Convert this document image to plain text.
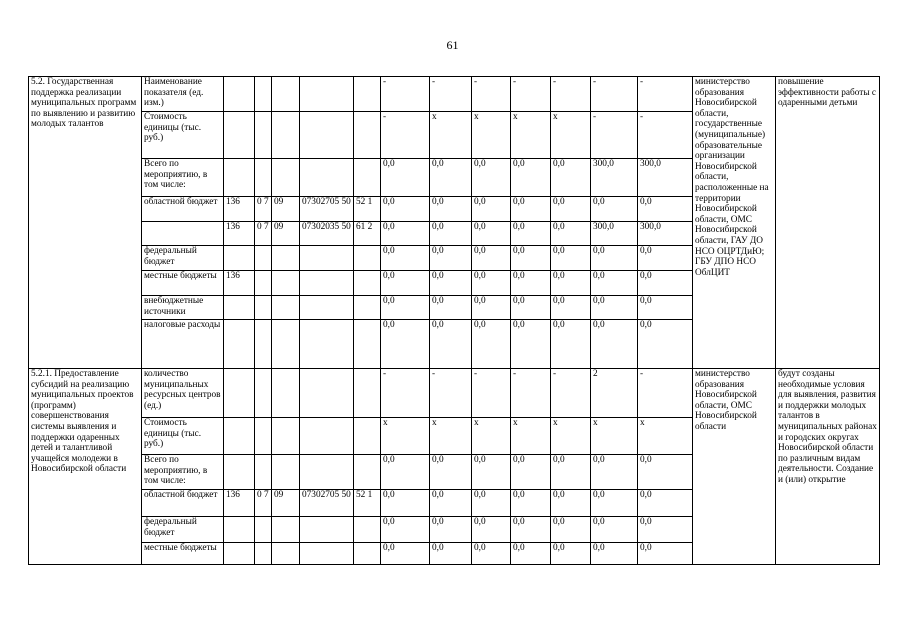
61
5.2. Государственная поддержка реализации муниципальных программ по выявлению и развитию молодых талантов	Наименование показателя (ед. изм.)						-	-	-	-	-	-	-	министерство образования Новосибирской области, государственные (муниципальные) образовательные организации Новосибирской области, расположенные на территории Новосибирской области, ОМС Новосибирской области, ГАУ ДО НСО ОЦРТДиЮ; ГБУ ДПО НСО ОблЦИТ	повышение эффективности работы с одаренными детьми
	Стоимость единицы (тыс. руб.)						-	x	x	x	x	-	-		
	Всего по мероприятию, в том числе:						0,0	0,0	0,0	0,0	0,0	300,0	300,0		
	областной бюджет	136	0 7	09	07302705 50	52 1	0,0	0,0	0,0	0,0	0,0	0,0	0,0		
		136	0 7	09	07302035 50	61 2	0,0	0,0	0,0	0,0	0,0	300,0	300,0		
	федеральный бюджет						0,0	0,0	0,0	0,0	0,0	0,0	0,0		
	местные бюджеты	136					0,0	0,0	0,0	0,0	0,0	0,0	0,0		
	внебюджетные источники						0,0	0,0	0,0	0,0	0,0	0,0	0,0		
	налоговые расходы						0,0	0,0	0,0	0,0	0,0	0,0	0,0		
5.2.1. Предоставление субсидий на реализацию муниципальных проектов (программ) совершенствования системы выявления и поддержки одаренных детей и талантливой учащейся молодежи в Новосибирской области	количество муниципальных ресурсных центров (ед.)						-	-	-	-	-	2	-	министерство образования Новосибирской области, ОМС Новосибирской области	будут созданы необходимые условия для выявления, развития и поддержки молодых талантов в муниципальных районах и городских округах Новосибирской области по различным видам деятельности. Создание и (или) открытие
	Стоимость единицы (тыс. руб.)						x	x	x	x	x	x	x		
	Всего по мероприятию, в том числе:						0,0	0,0	0,0	0,0	0,0	0,0	0,0		
	областной бюджет	136	0 7	09	07302705 50	52 1	0,0	0,0	0,0	0,0	0,0	0,0	0,0		
	федеральный бюджет						0,0	0,0	0,0	0,0	0,0	0,0	0,0		
	местные бюджеты						0,0	0,0	0,0	0,0	0,0	0,0	0,0		
